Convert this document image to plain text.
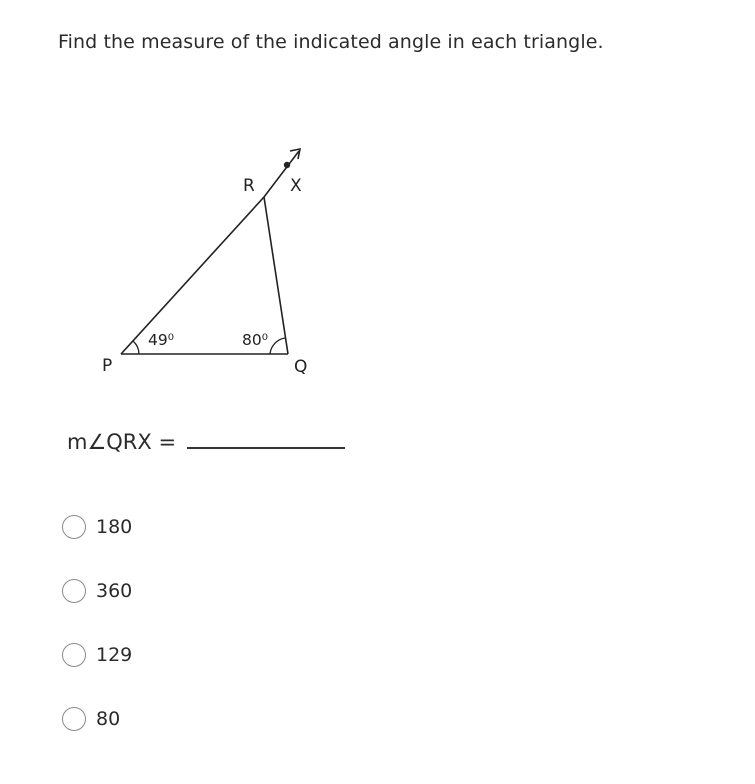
Find the measure of the indicated angle in each triangle.
R X
P	Q
49⁰	80⁰
m∠QRX =
180
360
129
80
